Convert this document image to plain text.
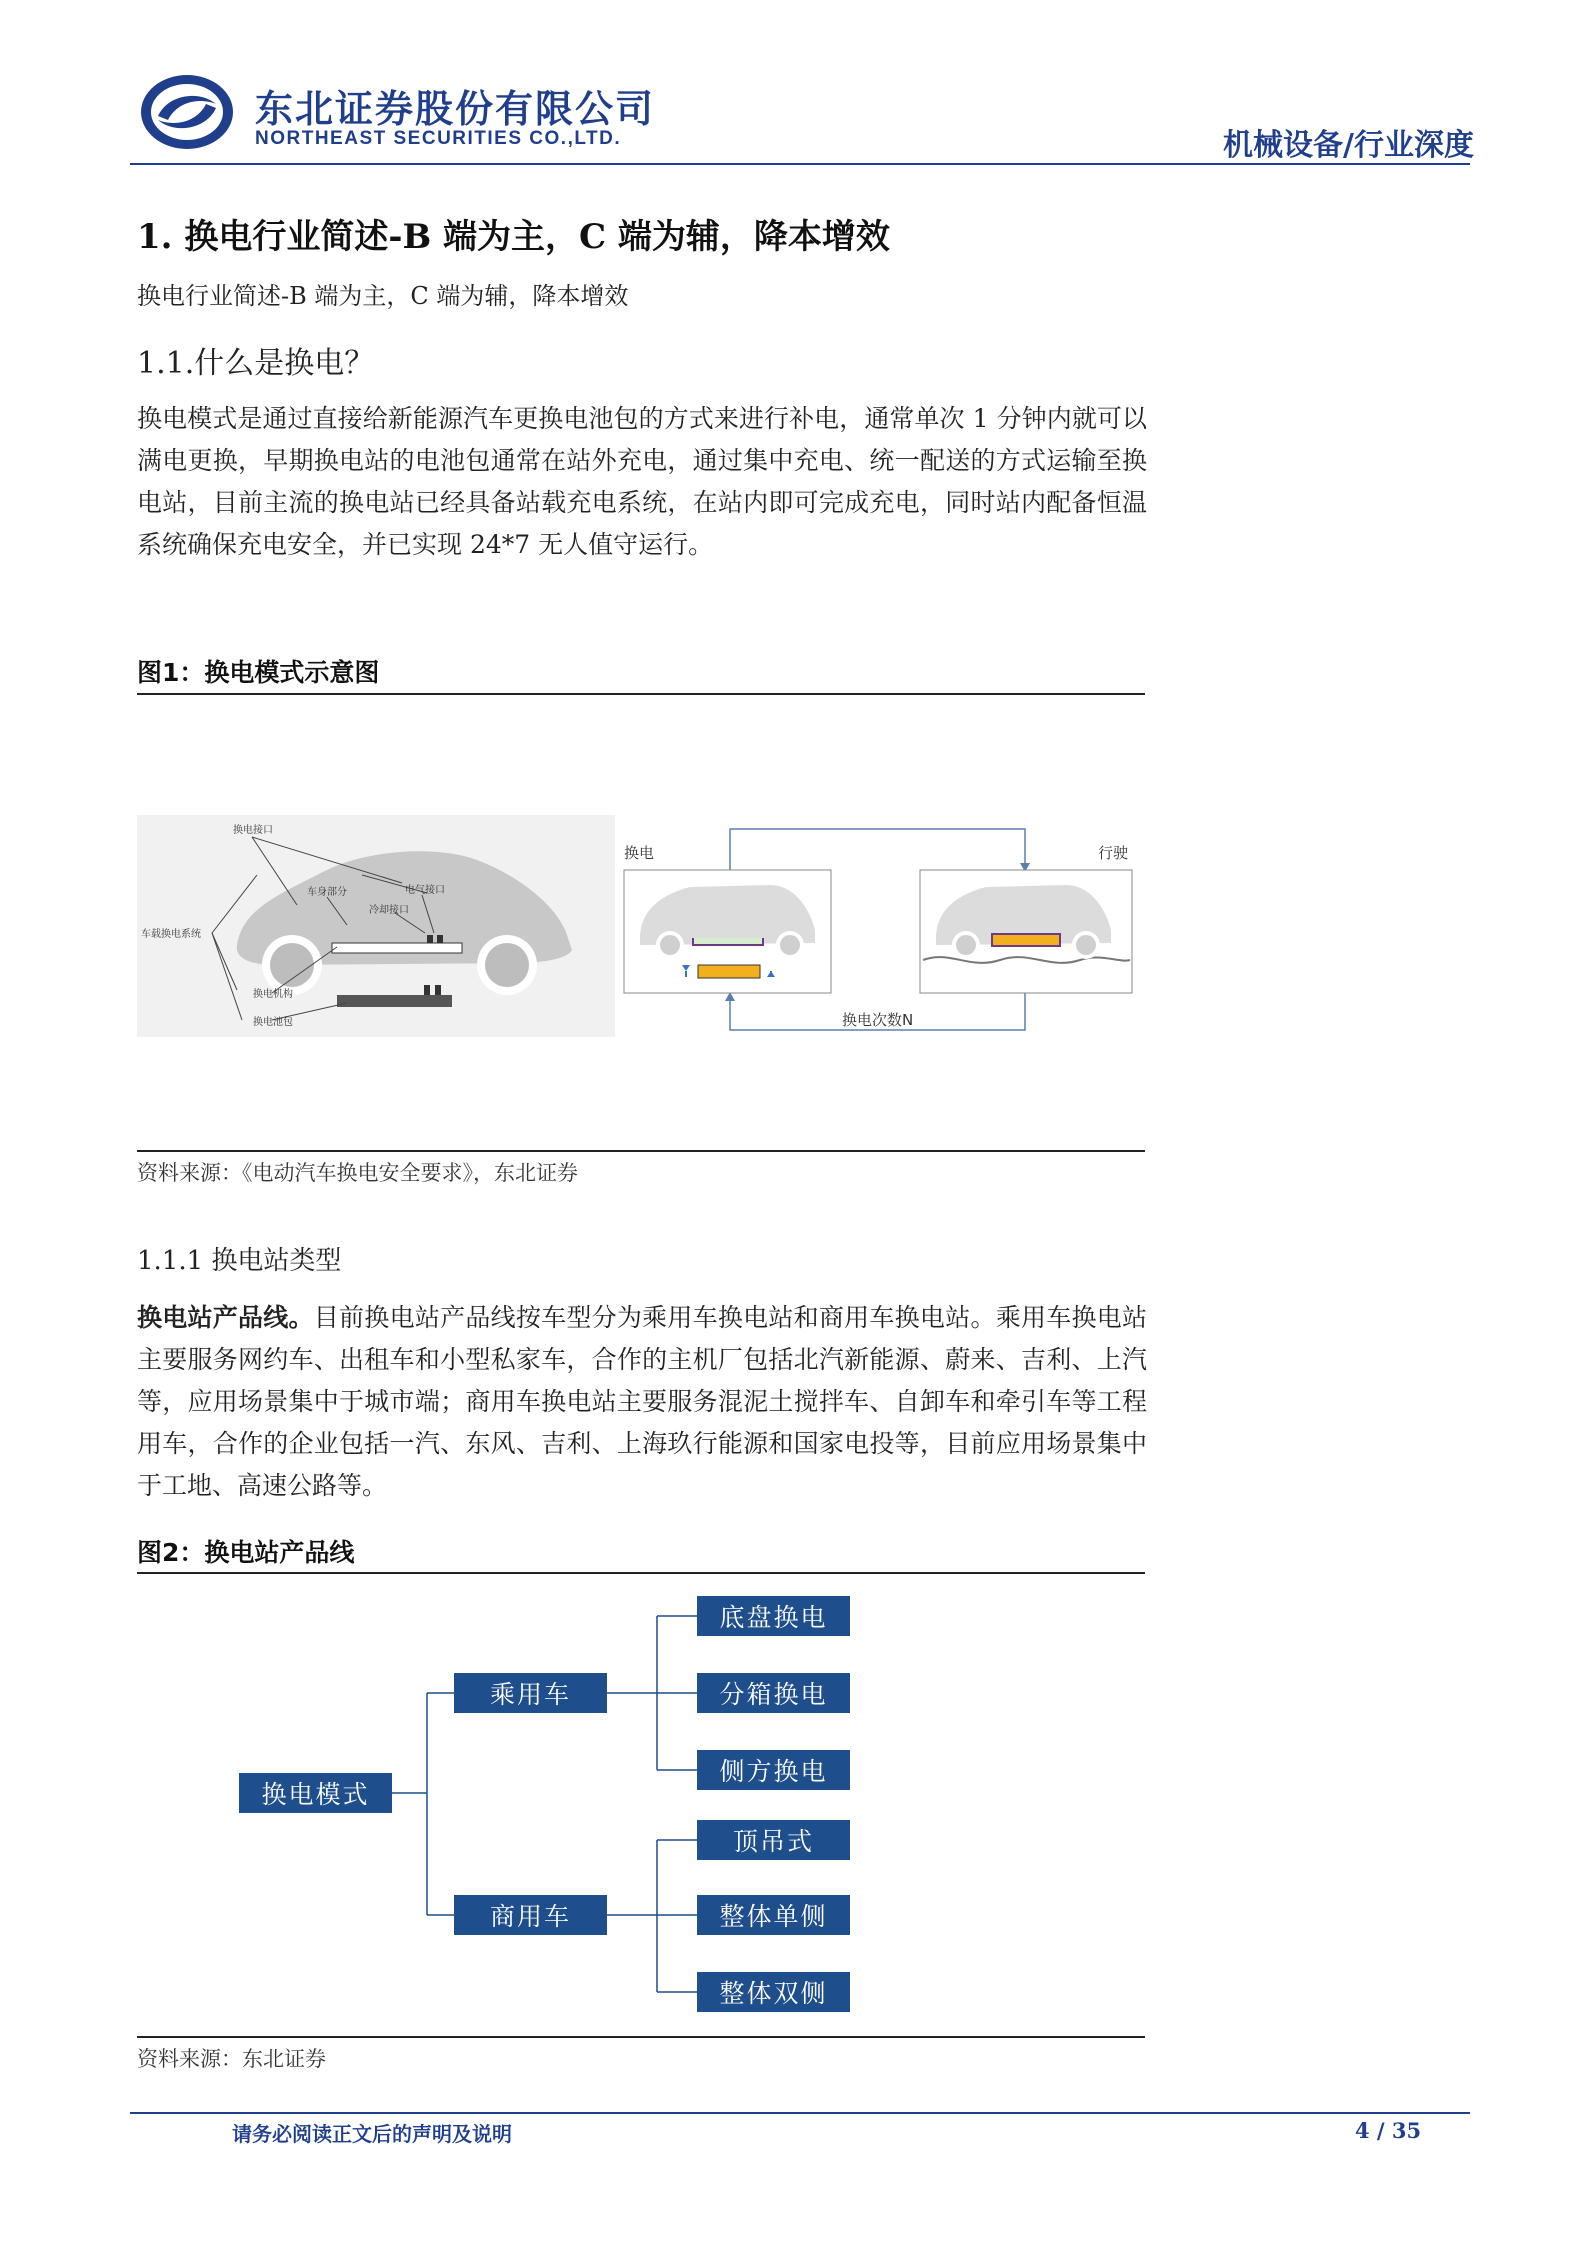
东北证券股份有限公司
NORTHEAST SECURITIES CO.,LTD.	机械设备/行业深度
1. 换电行业简述-B 端为主，C 端为辅，降本增效
换电行业简述-B 端为主，C 端为辅，降本增效
1.1.什么是换电？
换电模式是通过直接给新能源汽车更换电池包的方式来进行补电，通常单次 1 分钟内就可以满电更换，早期换电站的电池包通常在站外充电，通过集中充电、统一配送的方式运输至换电站，目前主流的换电站已经具备站载充电系统，在站内即可完成充电，同时站内配备恒温系统确保充电安全，并已实现 24*7 无人值守运行。
图1：换电模式示意图
换电接口
车身部分	电气接口
冷却接口
车载换电系统
换电机构
换电池包
换电	行驶
换电次数N
资料来源：《电动汽车换电安全要求》，东北证券
1.1.1 换电站类型
换电站产品线。目前换电站产品线按车型分为乘用车换电站和商用车换电站。乘用车换电站主要服务网约车、出租车和小型私家车，合作的主机厂包括北汽新能源、蔚来、吉利、上汽等，应用场景集中于城市端；商用车换电站主要服务混泥土搅拌车、自卸车和牵引车等工程用车，合作的企业包括一汽、东风、吉利、上海玖行能源和国家电投等，目前应用场景集中于工地、高速公路等。
图2：换电站产品线
换电模式
乘用车
商用车
底盘换电
分箱换电
侧方换电
顶吊式
整体单侧
整体双侧
资料来源：东北证券
请务必阅读正文后的声明及说明	4 / 35
